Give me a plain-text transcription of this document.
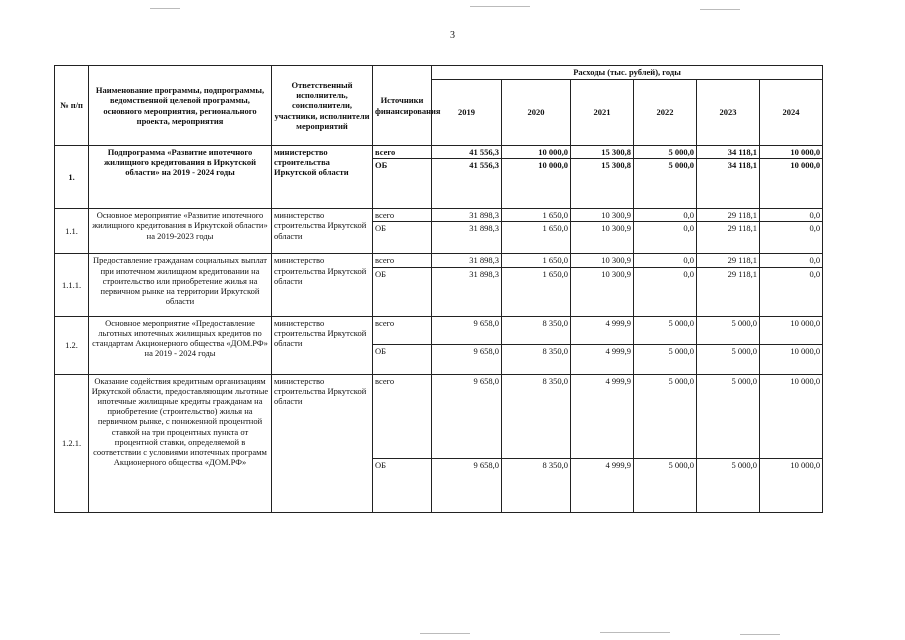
3
№ п/п	Наименование программы, подпрограммы, ведомственной целевой программы, основного мероприятия, регионального проекта, мероприятия	Ответственный исполнитель, соисполнители, участники, исполнители мероприятий	Источники финансирования	Расходы (тыс. рублей), годы					
				2019	2020	2021	2022	2023	2024
1.	Подпрограмма «Развитие ипотечного жилищного кредитования в Иркутской области» на 2019 - 2024 годы	министерство строительства Иркутской области	всего	41 556,3	10 000,0	15 300,8	5 000,0	34 118,1	10 000,0
			ОБ	41 556,3	10 000,0	15 300,8	5 000,0	34 118,1	10 000,0
1.1.	Основное мероприятие «Развитие ипотечного жилищного кредитования в Иркутской области» на 2019-2023 годы	министерство строительства Иркутской области	всего	31 898,3	1 650,0	10 300,9	0,0	29 118,1	0,0
			ОБ	31 898,3	1 650,0	10 300,9	0,0	29 118,1	0,0
1.1.1.	Предоставление гражданам социальных выплат при ипотечном жилищном кредитовании на строительство или приобретение жилья на первичном рынке на территории Иркутской области	министерство строительства Иркутской области	всего	31 898,3	1 650,0	10 300,9	0,0	29 118,1	0,0
			ОБ	31 898,3	1 650,0	10 300,9	0,0	29 118,1	0,0
1.2.	Основное мероприятие «Предоставление льготных ипотечных жилищных кредитов по стандартам Акционерного общества «ДОМ.РФ» на 2019 - 2024 годы	министерство строительства Иркутской области	всего	9 658,0	8 350,0	4 999,9	5 000,0	5 000,0	10 000,0
			ОБ	9 658,0	8 350,0	4 999,9	5 000,0	5 000,0	10 000,0
1.2.1.	Оказание содействия кредитным организациям Иркутской области, предоставляющим льготные ипотечные жилищные кредиты гражданам на приобретение (строительство) жилья на первичном рынке, с пониженной процентной ставкой на три процентных пункта от процентной ставки, определяемой в соответствии с условиями ипотечных программ Акционерного общества «ДОМ.РФ»	министерство строительства Иркутской области	всего	9 658,0	8 350,0	4 999,9	5 000,0	5 000,0	10 000,0
			ОБ	9 658,0	8 350,0	4 999,9	5 000,0	5 000,0	10 000,0
